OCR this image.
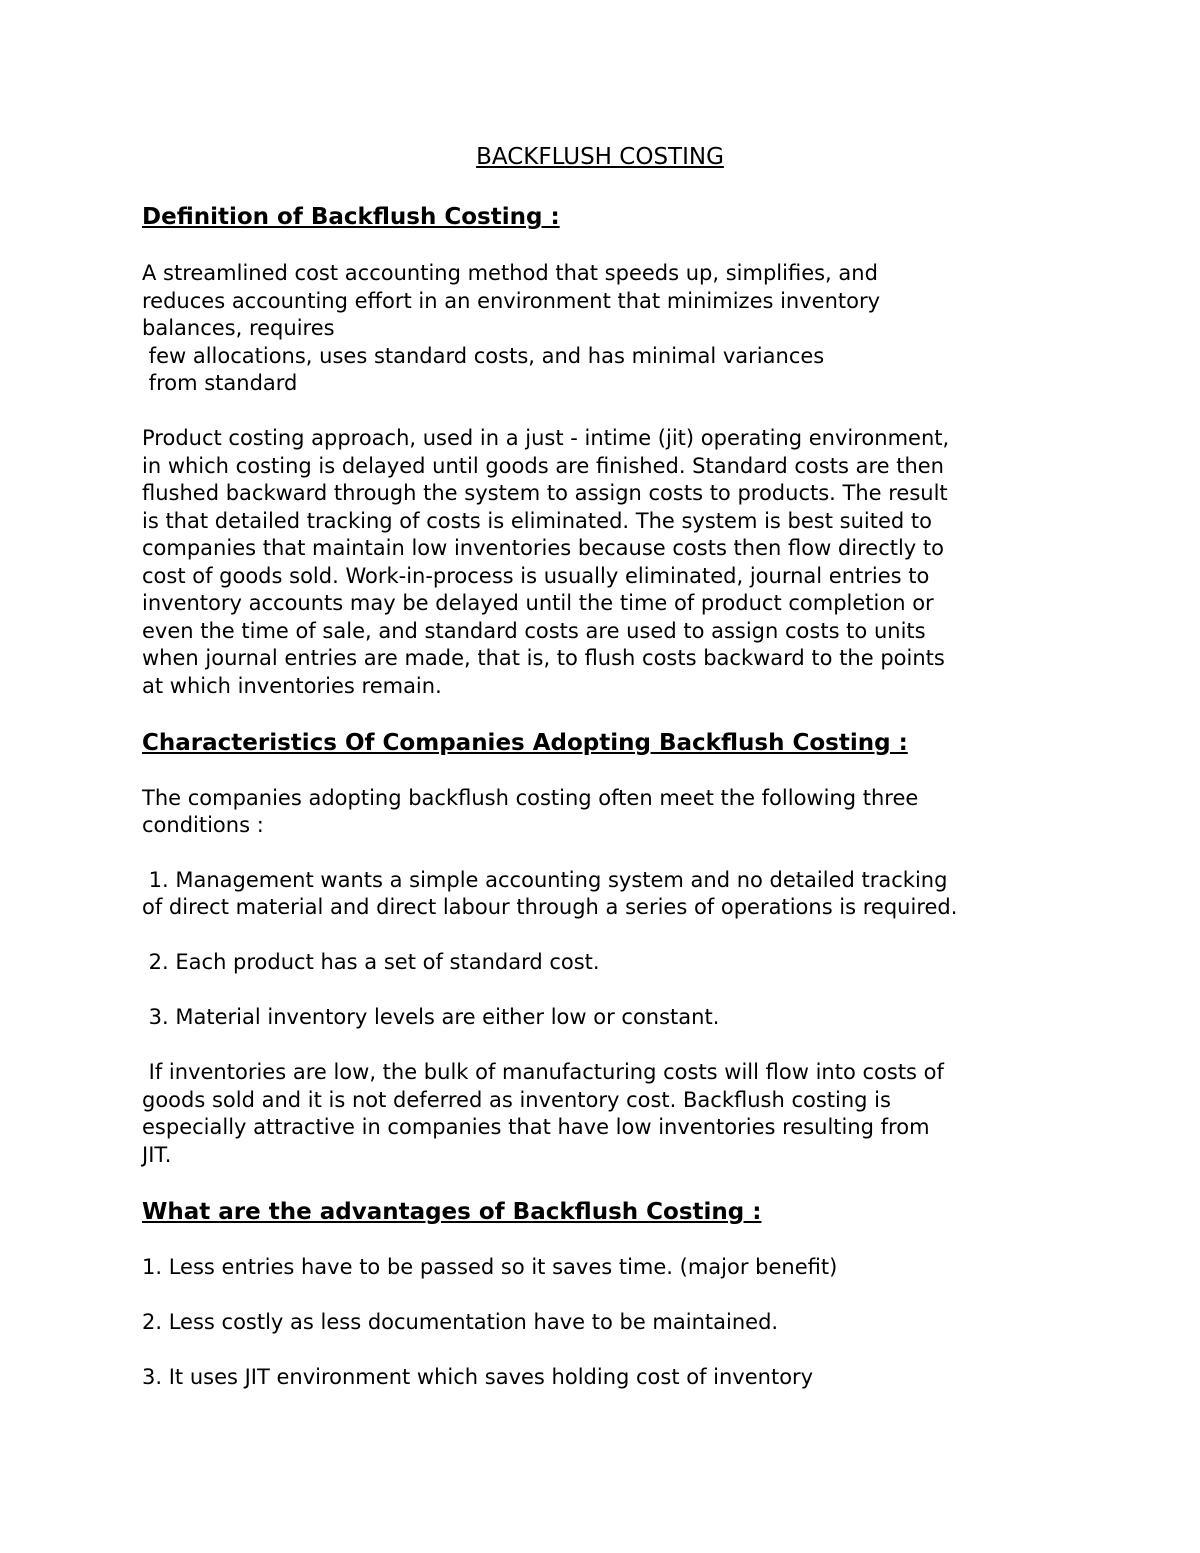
BACKFLUSH COSTING
Definition of Backflush Costing :

A streamlined cost accounting method that speeds up, simplifies, and

reduces accounting effort in an environment that minimizes inventory

balances, requires

few allocations, uses standard costs, and has minimal variances

from standard

Product costing approach, used in a just - intime (jit) operating environment,

in which costing is delayed until goods are finished. Standard costs are then

flushed backward through the system to assign costs to products. The result

is that detailed tracking of costs is eliminated. The system is best suited to

companies that maintain low inventories because costs then flow directly to

cost of goods sold. Work-in-process is usually eliminated, journal entries to

inventory accounts may be delayed until the time of product completion or

even the time of sale, and standard costs are used to assign costs to units

when journal entries are made, that is, to flush costs backward to the points

at which inventories remain.

Characteristics Of Companies Adopting Backflush Costing :

The companies adopting backflush costing often meet the following three

conditions :

1. Management wants a simple accounting system and no detailed tracking

of direct material and direct labour through a series of operations is required.

2. Each product has a set of standard cost.

3. Material inventory levels are either low or constant.

If inventories are low, the bulk of manufacturing costs will flow into costs of

goods sold and it is not deferred as inventory cost. Backflush costing is

especially attractive in companies that have low inventories resulting from

JIT.

What are the advantages of Backflush Costing :

1. Less entries have to be passed so it saves time. (major benefit)

2. Less costly as less documentation have to be maintained.

3. It uses JIT environment which saves holding cost of inventory
